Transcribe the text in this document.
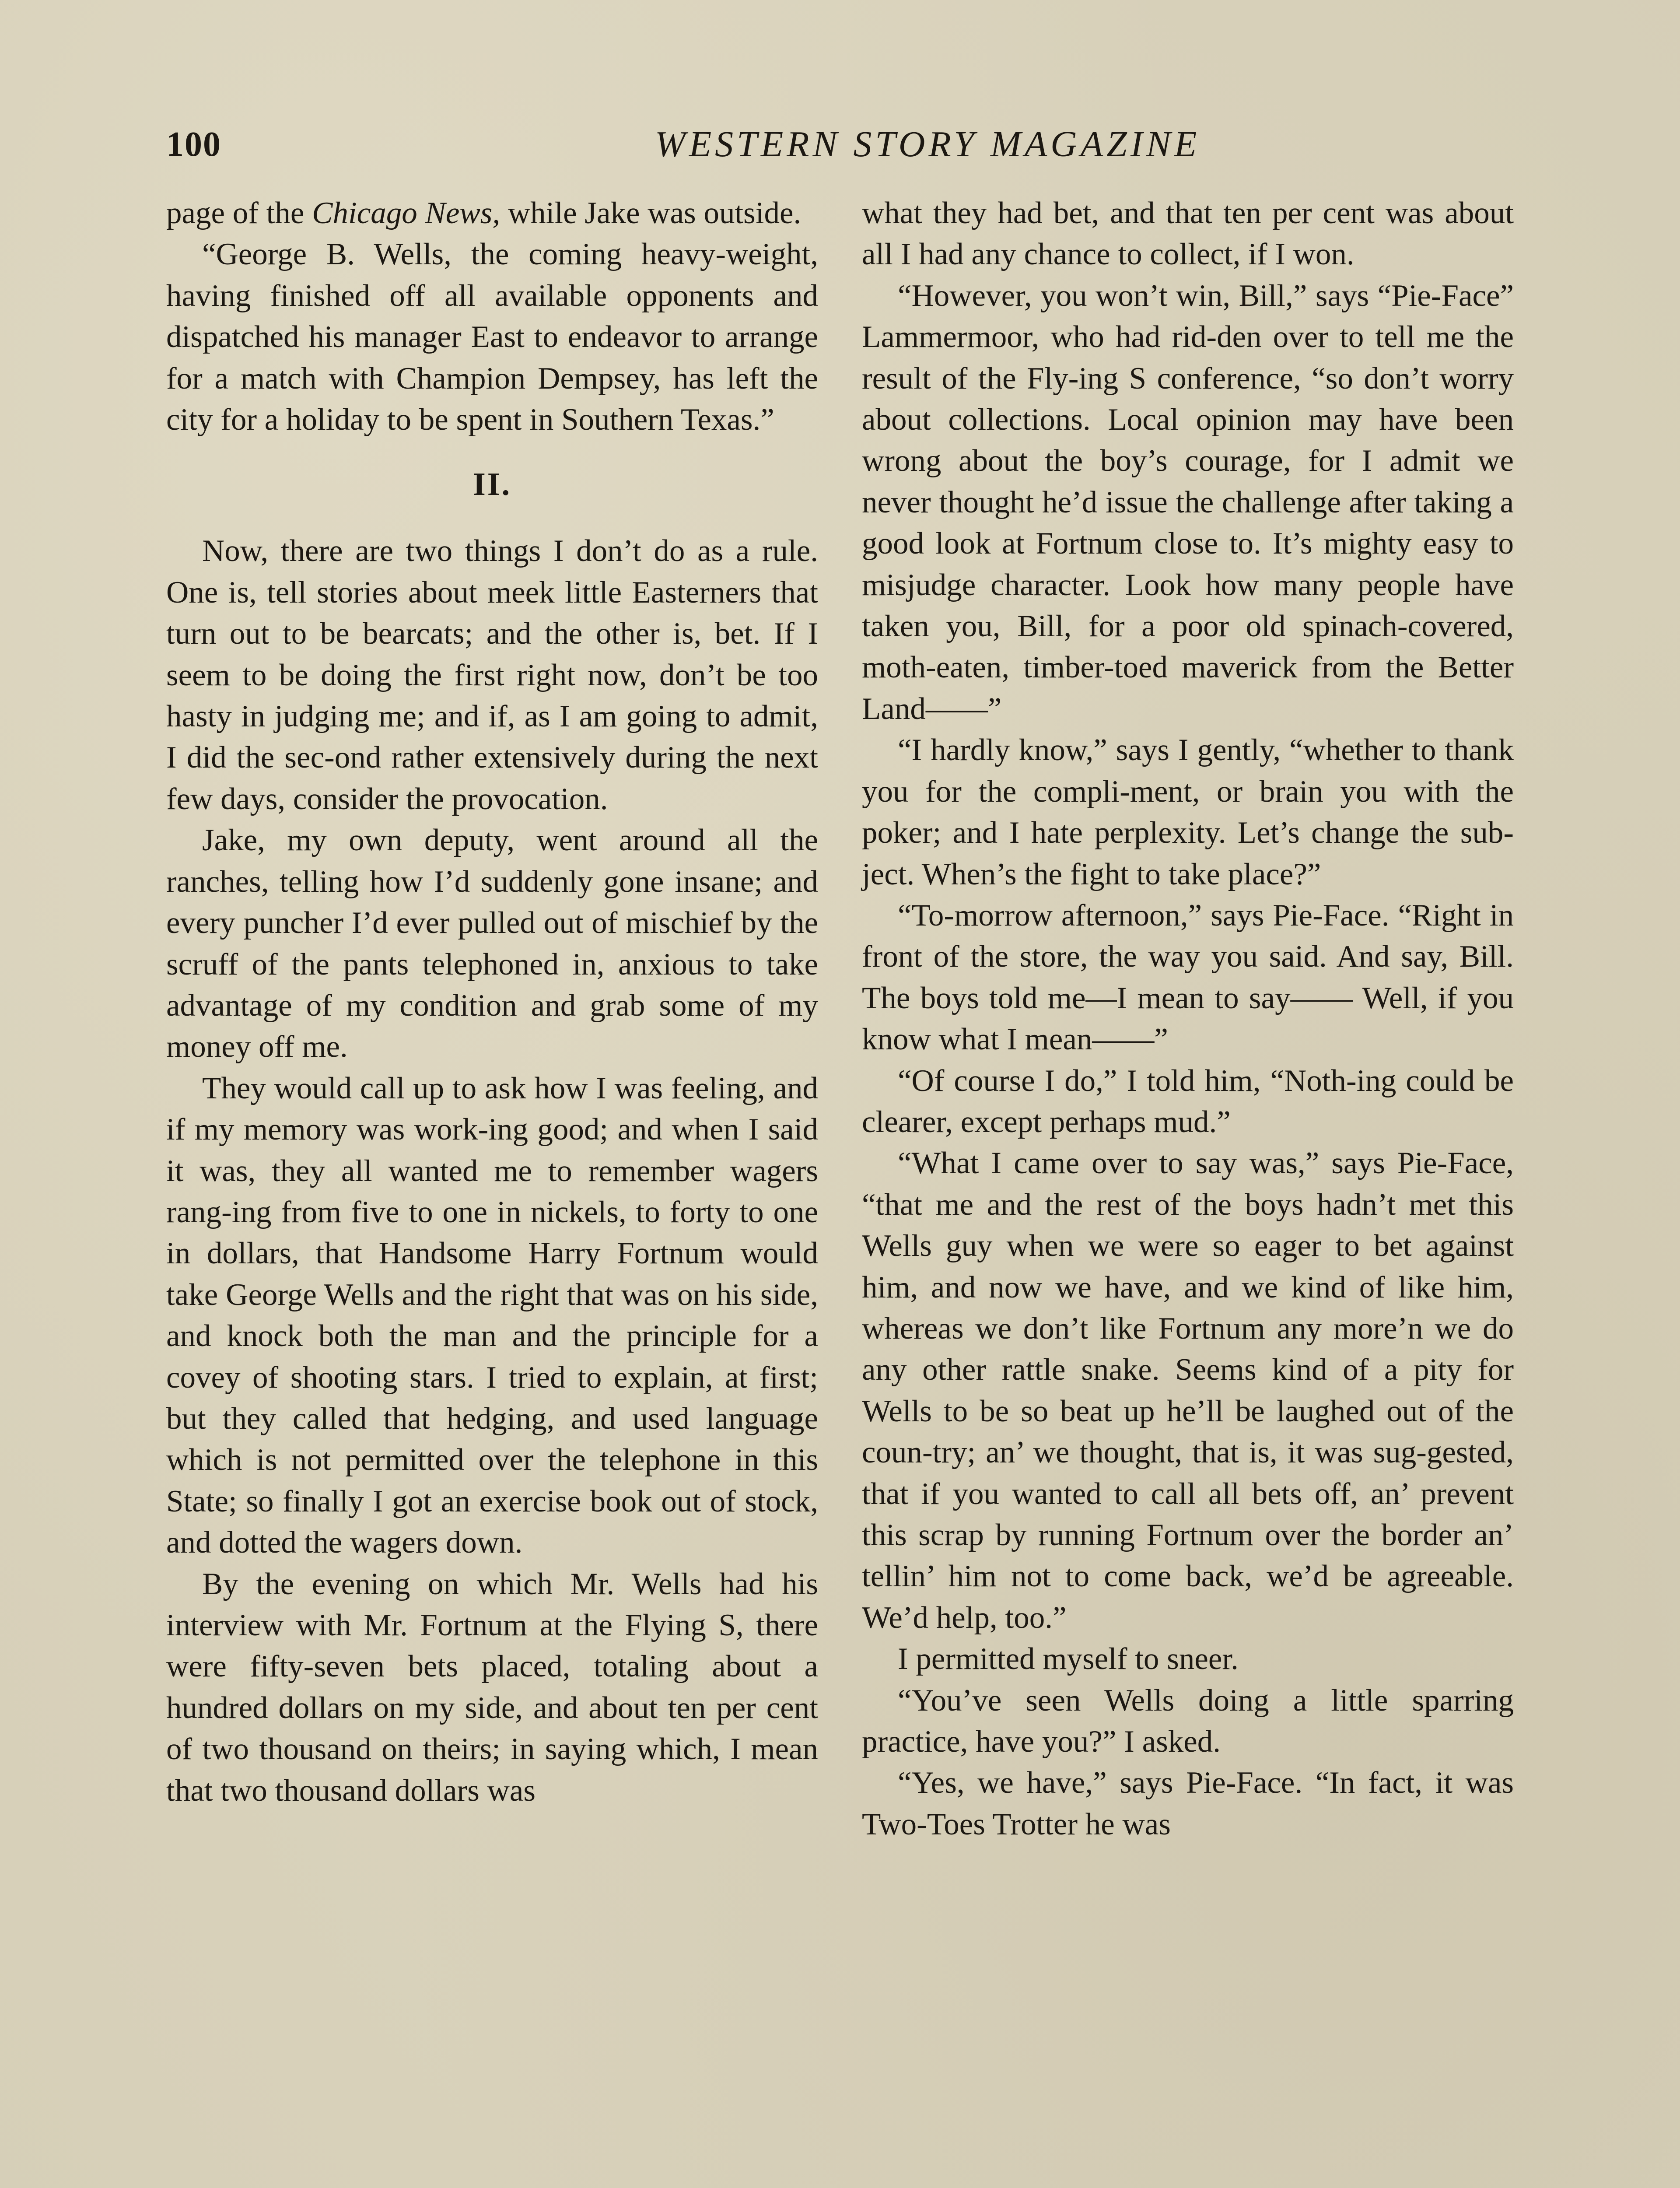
100	WESTERN STORY MAGAZINE

page of the Chicago News, while Jake was outside.

“George B. Wells, the coming heavy-weight, having finished off all available opponents and dispatched his manager East to endeavor to arrange for a match with Champion Dempsey, has left the city for a holiday to be spent in Southern Texas.”

II.

Now, there are two things I don’t do as a rule. One is, tell stories about meek little Easterners that turn out to be bearcats; and the other is, bet. If I seem to be doing the first right now, don’t be too hasty in judging me; and if, as I am going to admit, I did the sec-ond rather extensively during the next few days, consider the provocation.

Jake, my own deputy, went around all the ranches, telling how I’d suddenly gone insane; and every puncher I’d ever pulled out of mischief by the scruff of the pants telephoned in, anxious to take advantage of my condition and grab some of my money off me.

They would call up to ask how I was feeling, and if my memory was work-ing good; and when I said it was, they all wanted me to remember wagers rang-ing from five to one in nickels, to forty to one in dollars, that Handsome Harry Fortnum would take George Wells and the right that was on his side, and knock both the man and the principle for a covey of shooting stars. I tried to explain, at first; but they called that hedging, and used language which is not permitted over the telephone in this State; so finally I got an exercise book out of stock, and dotted the wagers down.

By the evening on which Mr. Wells had his interview with Mr. Fortnum at the Flying S, there were fifty-seven bets placed, totaling about a hundred dollars on my side, and about ten per cent of two thousand on theirs; in saying which, I mean that two thousand dollars was

what they had bet, and that ten per cent was about all I had any chance to collect, if I won.

“However, you won’t win, Bill,” says “Pie-Face” Lammermoor, who had rid-den over to tell me the result of the Fly-ing S conference, “so don’t worry about collections. Local opinion may have been wrong about the boy’s courage, for I admit we never thought he’d issue the challenge after taking a good look at Fortnum close to. It’s mighty easy to misjudge character. Look how many people have taken you, Bill, for a poor old spinach-covered, moth-eaten, timber-toed maverick from the Better Land——”

“I hardly know,” says I gently, “whether to thank you for the compli-ment, or brain you with the poker; and I hate perplexity. Let’s change the sub-ject. When’s the fight to take place?”

“To-morrow afternoon,” says Pie-Face. “Right in front of the store, the way you said. And say, Bill. The boys told me—I mean to say—— Well, if you know what I mean——”

“Of course I do,” I told him, “Noth-ing could be clearer, except perhaps mud.”

“What I came over to say was,” says Pie-Face, “that me and the rest of the boys hadn’t met this Wells guy when we were so eager to bet against him, and now we have, and we kind of like him, whereas we don’t like Fortnum any more’n we do any other rattle snake. Seems kind of a pity for Wells to be so beat up he’ll be laughed out of the coun-try; an’ we thought, that is, it was sug-gested, that if you wanted to call all bets off, an’ prevent this scrap by running Fortnum over the border an’ tellin’ him not to come back, we’d be agreeable. We’d help, too.”

I permitted myself to sneer.

“You’ve seen Wells doing a little sparring practice, have you?” I asked.

“Yes, we have,” says Pie-Face. “In fact, it was Two-Toes Trotter he was
